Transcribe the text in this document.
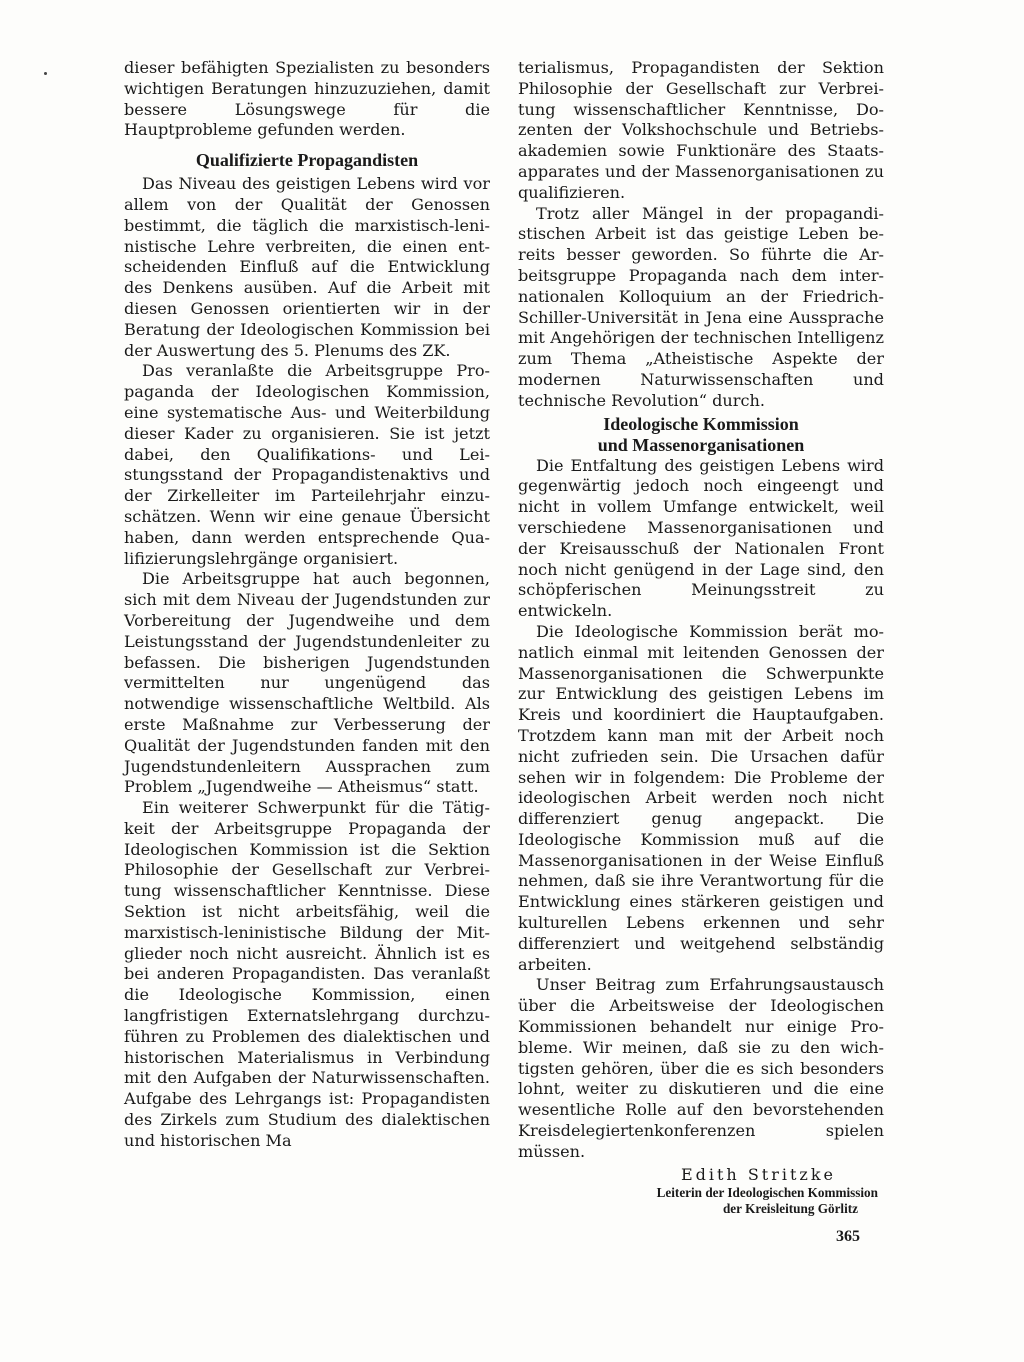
dieser befähigten Spezialisten zu besonders wichtigen Beratungen hinzuzuziehen, damit bessere Lösungswege für die Hauptprobleme gefunden werden.

Qualifizierte Propagandisten

Das Niveau des geistigen Lebens wird vor allem von der Qualität der Genossen bestimmt, die täglich die marxistisch-leninistische Lehre verbreiten, die einen entscheidenden Einfluß auf die Entwicklung des Denkens ausüben. Auf die Arbeit mit diesen Genossen orientierten wir in der Beratung der Ideologischen Kommission bei der Auswertung des 5. Plenums des ZK.

Das veranlaßte die Arbeitsgruppe Propaganda der Ideologischen Kommission, eine systematische Aus- und Weiterbildung dieser Kader zu organisieren. Sie ist jetzt dabei, den Qualifikations- und Leistungsstand der Propagandistenaktivs und der Zirkelleiter im Parteilehrjahr einzuschätzen. Wenn wir eine genaue Übersicht haben, dann werden entsprechende Qualifizierungslehrgänge organisiert.

Die Arbeitsgruppe hat auch begonnen, sich mit dem Niveau der Jugendstunden zur Vorbereitung der Jugendweihe und dem Leistungsstand der Jugendstundenleiter zu befassen. Die bisherigen Jugendstunden vermittelten nur ungenügend das notwendige wissenschaftliche Weltbild. Als erste Maßnahme zur Verbesserung der Qualität der Jugendstunden fanden mit den Jugendstundenleitern Aussprachen zum Problem „Jugendweihe — Atheismus“ statt.

Ein weiterer Schwerpunkt für die Tätigkeit der Arbeitsgruppe Propaganda der Ideologischen Kommission ist die Sektion Philosophie der Gesellschaft zur Verbreitung wissenschaftlicher Kenntnisse. Diese Sektion ist nicht arbeitsfähig, weil die marxistisch-leninistische Bildung der Mitglieder noch nicht ausreicht. Ähnlich ist es bei anderen Propagandisten. Das veranlaßt die Ideologische Kommission, einen langfristigen Externatslehrgang durchzuführen zu Problemen des dialektischen und historischen Materialismus in Verbindung mit den Aufgaben der Naturwissenschaften. Aufgabe des Lehrgangs ist: Propagandisten des Zirkels zum Studium des dialektischen und historischen Ma

terialismus, Propagandisten der Sektion Philosophie der Gesellschaft zur Verbreitung wissenschaftlicher Kenntnisse, Dozenten der Volkshochschule und Betriebsakademien sowie Funktionäre des Staatsapparates und der Massenorganisationen zu qualifizieren.

Trotz aller Mängel in der propagandistischen Arbeit ist das geistige Leben bereits besser geworden. So führte die Arbeitsgruppe Propaganda nach dem internationalen Kolloquium an der Friedrich-Schiller-Universität in Jena eine Aussprache mit Angehörigen der technischen Intelligenz zum Thema „Atheistische Aspekte der modernen Naturwissenschaften und technische Revolution“ durch.

Ideologische Kommission
und Massenorganisationen

Die Entfaltung des geistigen Lebens wird gegenwärtig jedoch noch eingeengt und nicht in vollem Umfange entwickelt, weil verschiedene Massenorganisationen und der Kreisausschuß der Nationalen Front noch nicht genügend in der Lage sind, den schöpferischen Meinungsstreit zu entwickeln.

Die Ideologische Kommission berät monatlich einmal mit leitenden Genossen der Massenorganisationen die Schwerpunkte zur Entwicklung des geistigen Lebens im Kreis und koordiniert die Hauptaufgaben. Trotzdem kann man mit der Arbeit noch nicht zufrieden sein. Die Ursachen dafür sehen wir in folgendem: Die Probleme der ideologischen Arbeit werden noch nicht differenziert genug angepackt. Die Ideologische Kommission muß auf die Massenorganisationen in der Weise Einfluß nehmen, daß sie ihre Verantwortung für die Entwicklung eines stärkeren geistigen und kulturellen Lebens erkennen und sehr differenziert und weitgehend selbständig arbeiten.

Unser Beitrag zum Erfahrungsaustausch über die Arbeitsweise der Ideologischen Kommissionen behandelt nur einige Probleme. Wir meinen, daß sie zu den wichtigsten gehören, über die es sich besonders lohnt, weiter zu diskutieren und die eine wesentliche Rolle auf den bevorstehenden Kreisdelegiertenkonferenzen spielen müssen.

Edith Stritzke
Leiterin der Ideologischen Kommission
der Kreisleitung Görlitz
365
